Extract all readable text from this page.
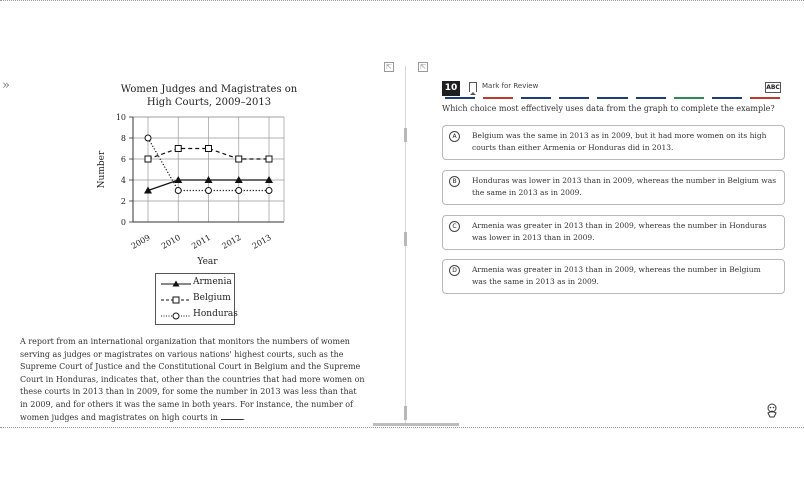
»	Women Judges and Magistrates on High Courts, 2009–2013
0
2
4
6
8
10
2009 2010 2011 2012 2013
Number
Year
Armenia
Belgium
Honduras
A report from an international organization that monitors the numbers of women serving as judges or magistrates on various nations' highest courts, such as the Supreme Court of Justice and the Constitutional Court in Belgium and the Supreme Court in Honduras, indicates that, other than the countries that had more women on these courts in 2013 than in 2009, for some the number in 2013 was less than that in 2009, and for others it was the same in both years. For instance, the number of women judges and magistrates on high courts in	.
⇱	⇱
10	Mark for Review	ABC
Which choice most effectively uses data from the graph to complete the example?
A	Belgium was the same in 2013 as in 2009, but it had more women on its high courts than either Armenia or Honduras did in 2013.
B	Honduras was lower in 2013 than in 2009, whereas the number in Belgium was the same in 2013 as in 2009.
C	Armenia was greater in 2013 than in 2009, whereas the number in Honduras was lower in 2013 than in 2009.
D	Armenia was greater in 2013 than in 2009, whereas the number in Belgium was the same in 2013 as in 2009.
